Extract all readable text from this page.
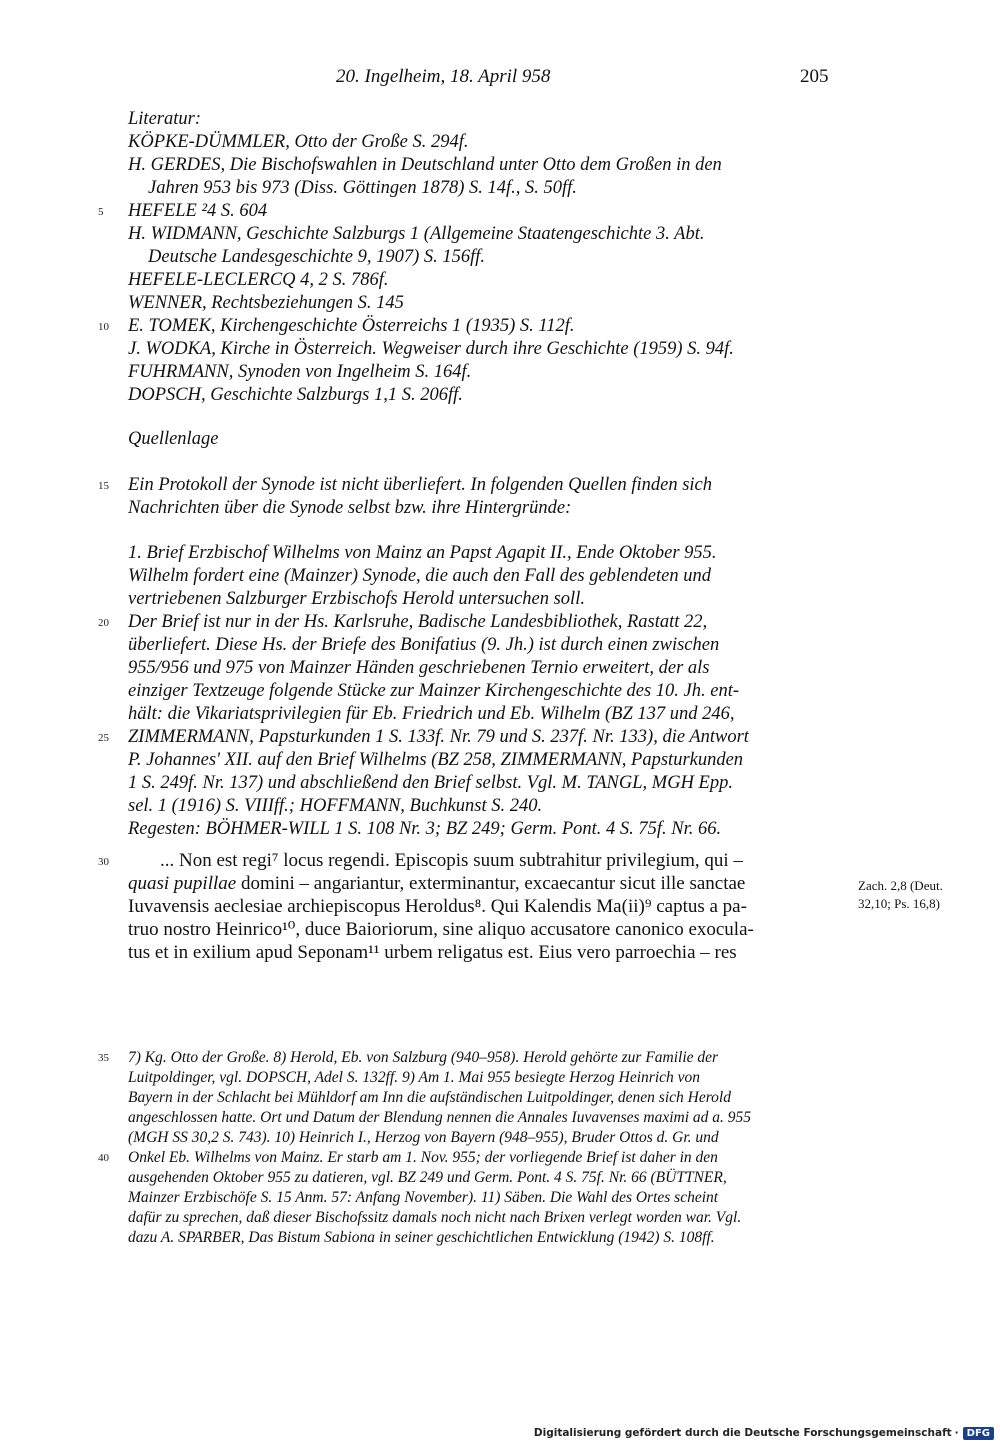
20. Ingelheim, 18. April 958	205
Literatur:
KÖPKE-DÜMMLER, Otto der Große S. 294f.
H. GERDES, Die Bischofswahlen in Deutschland unter Otto dem Großen in den
Jahren 953 bis 973 (Diss. Göttingen 1878) S. 14f., S. 50ff.
HEFELE ²4 S. 604
H. WIDMANN, Geschichte Salzburgs 1 (Allgemeine Staatengeschichte 3. Abt.
Deutsche Landesgeschichte 9, 1907) S. 156ff.
HEFELE-LECLERCQ 4, 2 S. 786f.
WENNER, Rechtsbeziehungen S. 145
E. TOMEK, Kirchengeschichte Österreichs 1 (1935) S. 112f.
J. WODKA, Kirche in Österreich. Wegweiser durch ihre Geschichte (1959) S. 94f.
FUHRMANN, Synoden von Ingelheim S. 164f.
DOPSCH, Geschichte Salzburgs 1,1 S. 206ff.
Quellenlage
Ein Protokoll der Synode ist nicht überliefert. In folgenden Quellen finden sich
Nachrichten über die Synode selbst bzw. ihre Hintergründe:
1. Brief Erzbischof Wilhelms von Mainz an Papst Agapit II., Ende Oktober 955.
Wilhelm fordert eine (Mainzer) Synode, die auch den Fall des geblendeten und
vertriebenen Salzburger Erzbischofs Herold untersuchen soll.
Der Brief ist nur in der Hs. Karlsruhe, Badische Landesbibliothek, Rastatt 22,
überliefert. Diese Hs. der Briefe des Bonifatius (9. Jh.) ist durch einen zwischen
955/956 und 975 von Mainzer Händen geschriebenen Ternio erweitert, der als
einziger Textzeuge folgende Stücke zur Mainzer Kirchengeschichte des 10. Jh. ent-
hält: die Vikariatsprivilegien für Eb. Friedrich und Eb. Wilhelm (BZ 137 und 246,
ZIMMERMANN, Papsturkunden 1 S. 133f. Nr. 79 und S. 237f. Nr. 133), die Antwort
P. Johannes' XII. auf den Brief Wilhelms (BZ 258, ZIMMERMANN, Papsturkunden
1 S. 249f. Nr. 137) und abschließend den Brief selbst. Vgl. M. TANGL, MGH Epp.
sel. 1 (1916) S. VIIIff.; HOFFMANN, Buchkunst S. 240.
Regesten: BÖHMER-WILL 1 S. 108 Nr. 3; BZ 249; Germ. Pont. 4 S. 75f. Nr. 66.
... Non est regi⁷ locus regendi. Episcopis suum subtrahitur privilegium, qui –
quasi pupillae domini – angariantur, exterminantur, excaecantur sicut ille sanctae
Iuvavensis aeclesiae archiepiscopus Heroldus⁸. Qui Kalendis Ma(ii)⁹ captus a pa-
truo nostro Heinrico¹⁰, duce Baioriorum, sine aliquo accusatore canonico exocula-
tus et in exilium apud Seponam¹¹ urbem religatus est. Eius vero parroechia – res
Zach. 2,8 (Deut.
32,10; Ps. 16,8)
7) Kg. Otto der Große. 8) Herold, Eb. von Salzburg (940–958). Herold gehörte zur Familie der
Luitpoldinger, vgl. DOPSCH, Adel S. 132ff. 9) Am 1. Mai 955 besiegte Herzog Heinrich von
Bayern in der Schlacht bei Mühldorf am Inn die aufständischen Luitpoldinger, denen sich Herold
angeschlossen hatte. Ort und Datum der Blendung nennen die Annales Iuvavenses maximi ad a. 955
(MGH SS 30,2 S. 743). 10) Heinrich I., Herzog von Bayern (948–955), Bruder Ottos d. Gr. und
Onkel Eb. Wilhelms von Mainz. Er starb am 1. Nov. 955; der vorliegende Brief ist daher in den
ausgehenden Oktober 955 zu datieren, vgl. BZ 249 und Germ. Pont. 4 S. 75f. Nr. 66 (BÜTTNER,
Mainzer Erzbischöfe S. 15 Anm. 57: Anfang November). 11) Säben. Die Wahl des Ortes scheint
dafür zu sprechen, daß dieser Bischofssitz damals noch nicht nach Brixen verlegt worden war. Vgl.
dazu A. SPARBER, Das Bistum Sabiona in seiner geschichtlichen Entwicklung (1942) S. 108ff.
5
10
15
20
25
30
35
40
Digitalisierung gefördert durch die Deutsche Forschungsgemeinschaft · DFG
